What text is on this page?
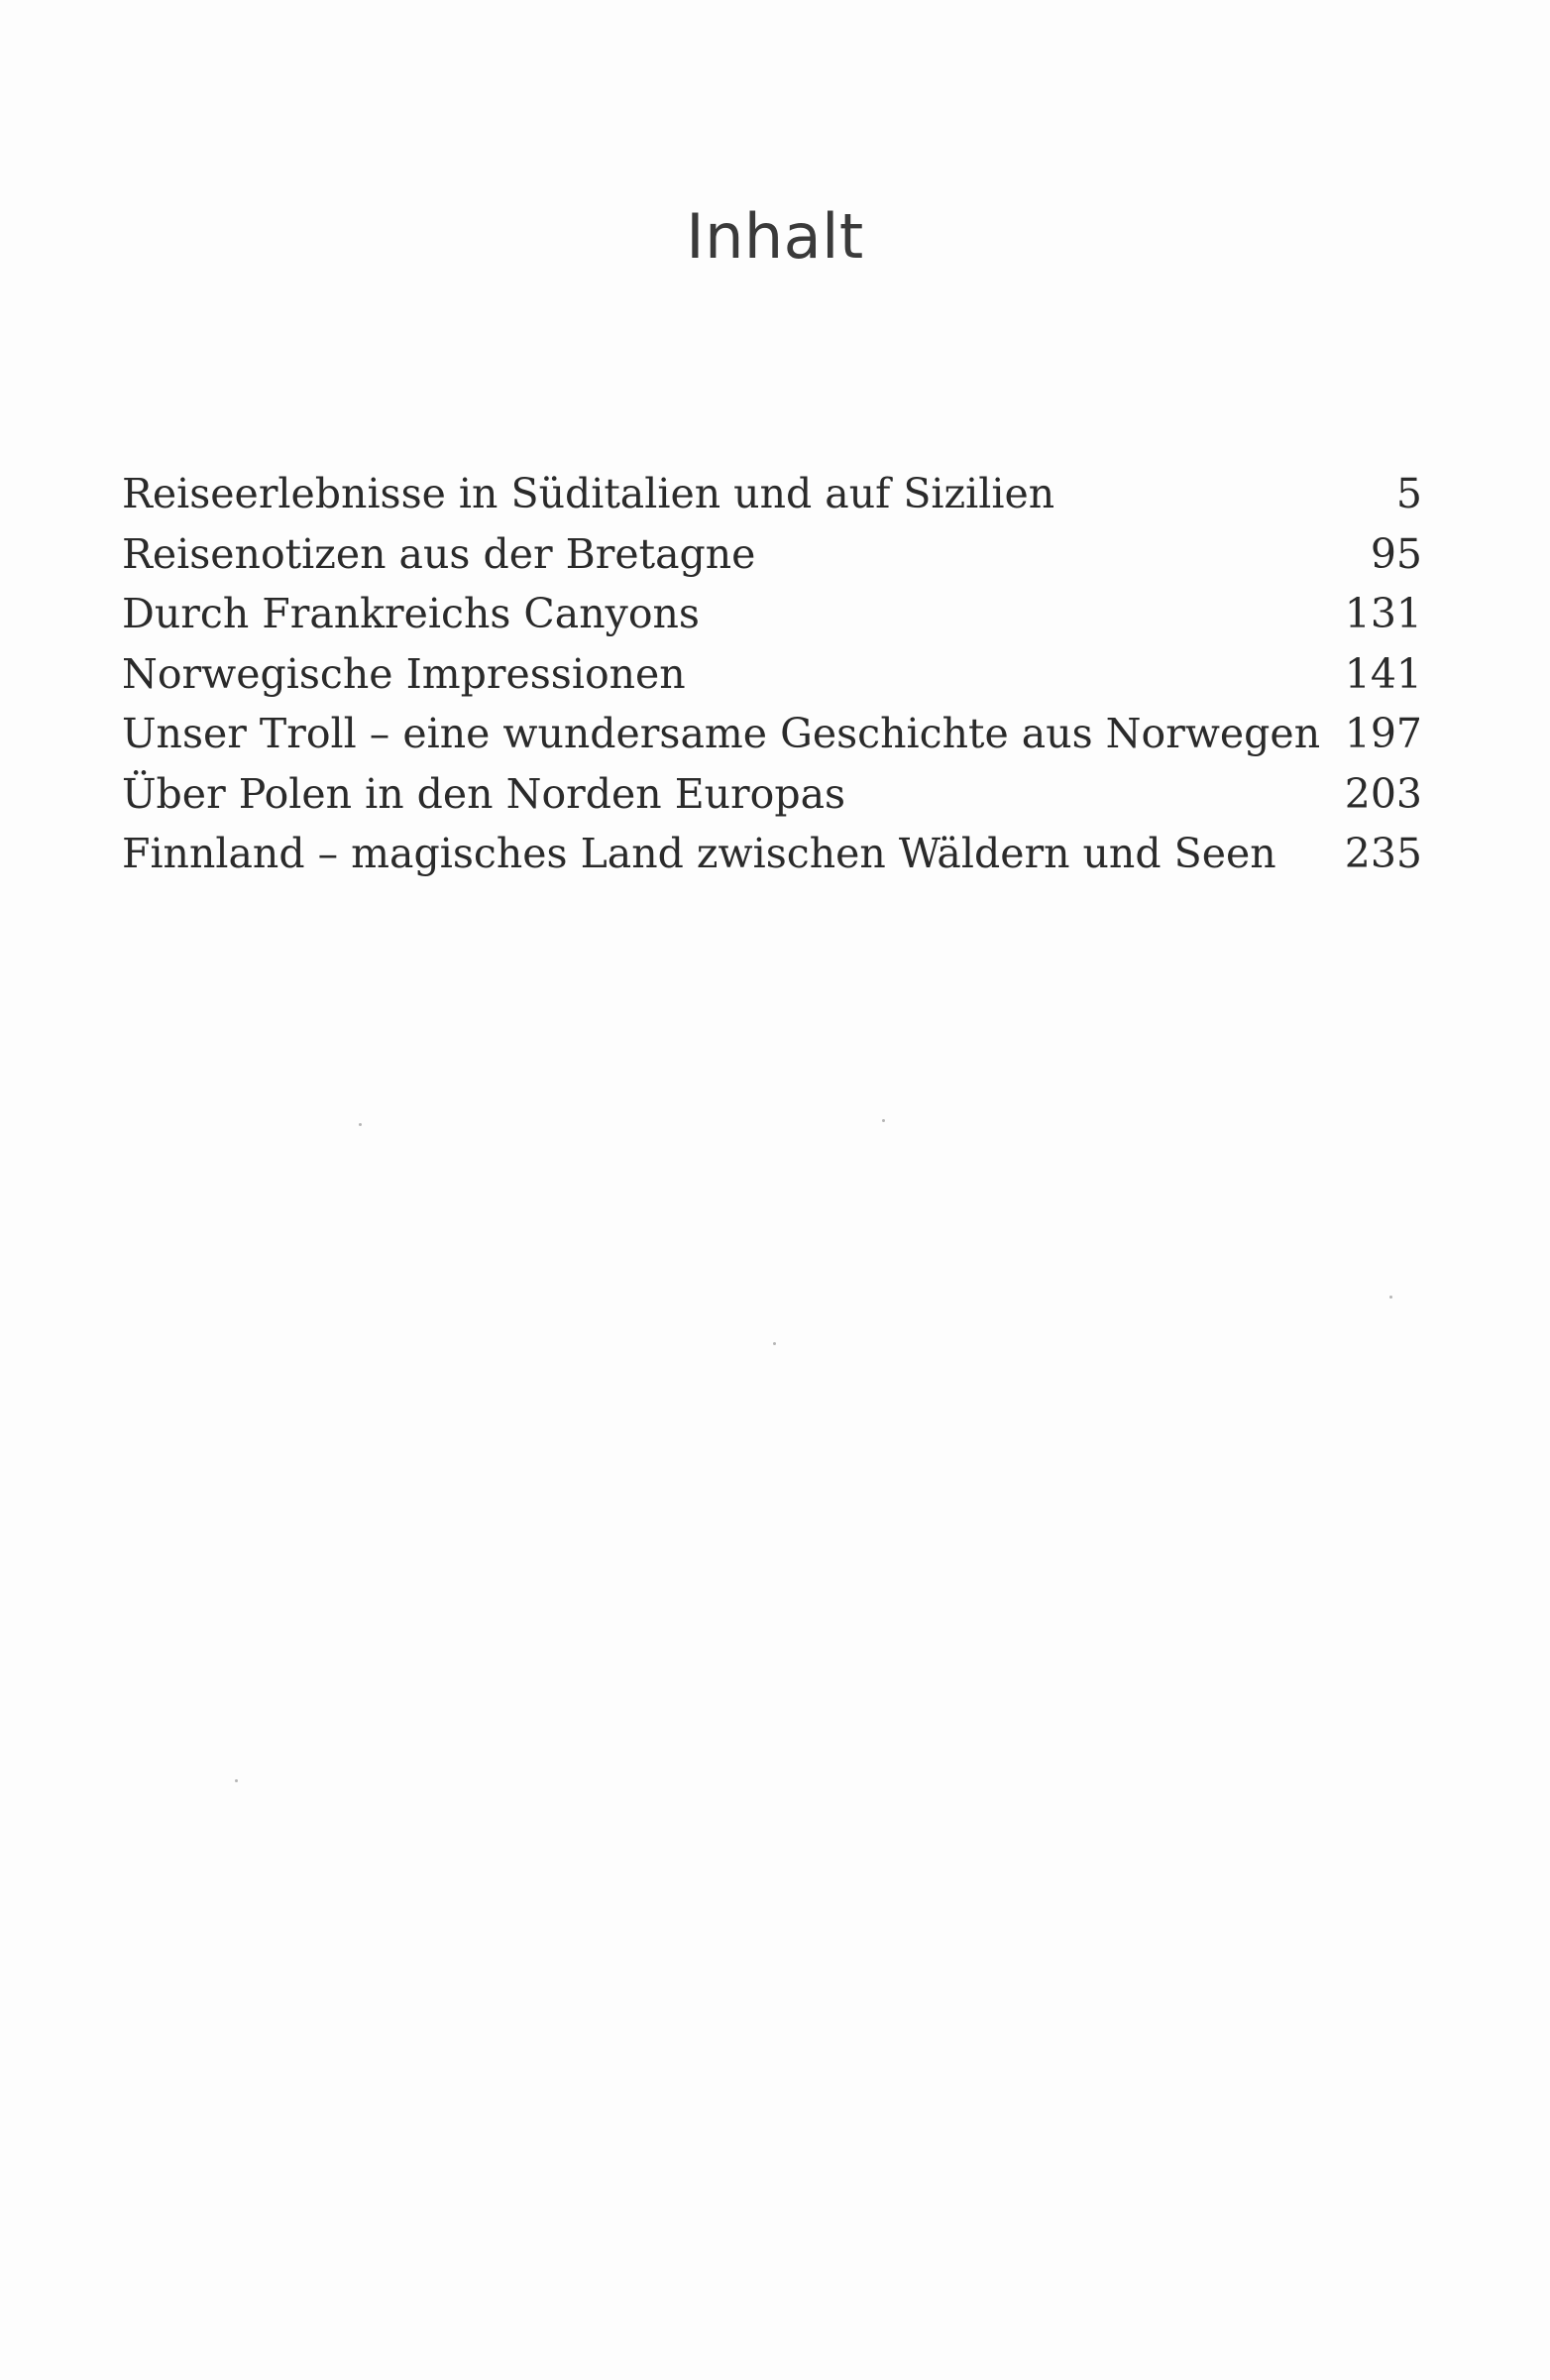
Inhalt
Reiseerlebnisse in Süditalien und auf Sizilien	5
Reisenotizen aus der Bretagne	95
Durch Frankreichs Canyons	131
Norwegische Impressionen	141
Unser Troll – eine wundersame Geschichte aus Norwegen 197
Über Polen in den Norden Europas	203
Finnland – magisches Land zwischen Wäldern und Seen	235
